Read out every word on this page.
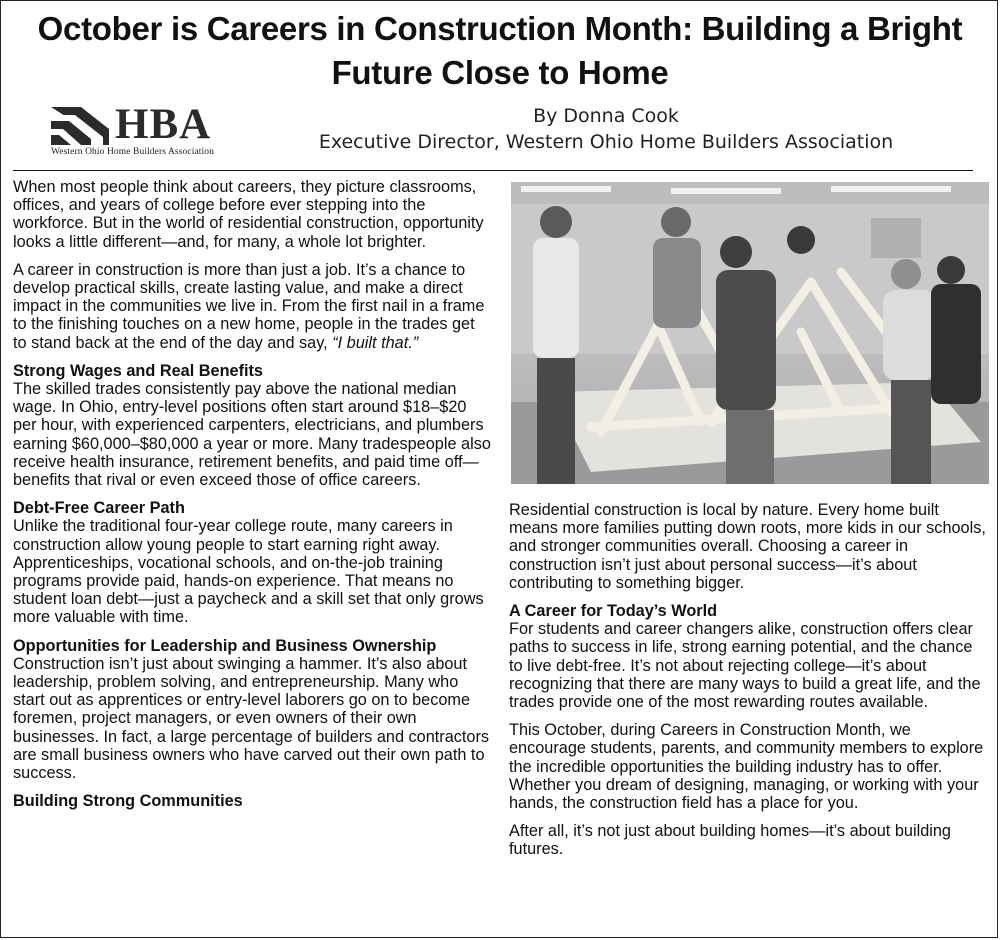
October is Careers in Construction Month: Building a Bright Future Close to Home
HBA
Western Ohio Home Builders Association
By Donna Cook
Executive Director, Western Ohio Home Builders Association

When most people think about careers, they picture classrooms, offices, and years of college before ever stepping into the workforce. But in the world of residential construction, opportunity looks a little different—and, for many, a whole lot brighter.

A career in construction is more than just a job. It’s a chance to develop practical skills, create lasting value, and make a direct impact in the communities we live in. From the first nail in a frame to the finishing touches on a new home, people in the trades get to stand back at the end of the day and say, “I built that.”

Strong Wages and Real Benefits

The skilled trades consistently pay above the national median wage. In Ohio, entry-level positions often start around $18–$20 per hour, with experienced carpenters, electricians, and plumbers earning $60,000–$80,000 a year or more. Many tradespeople also receive health insurance, retirement benefits, and paid time off—benefits that rival or even exceed those of office careers.

Debt-Free Career Path

Unlike the traditional four-year college route, many careers in construction allow young people to start earning right away. Apprenticeships, vocational schools, and on-the-job training programs provide paid, hands-on experience. That means no student loan debt—just a paycheck and a skill set that only grows more valuable with time.

Opportunities for Leadership and Business Ownership

Construction isn’t just about swinging a hammer. It’s also about leadership, problem solving, and entrepreneurship. Many who start out as apprentices or entry-level laborers go on to become foremen, project managers, or even owners of their own businesses. In fact, a large percentage of builders and contractors are small business owners who have carved out their own path to success.

Building Strong Communities

Residential construction is local by nature. Every home built means more families putting down roots, more kids in our schools, and stronger communities overall. Choosing a career in construction isn’t just about personal success—it’s about contributing to something bigger.

A Career for Today’s World

For students and career changers alike, construction offers clear paths to success in life, strong earning potential, and the chance to live debt-free. It’s not about rejecting college—it’s about recognizing that there are many ways to build a great life, and the trades provide one of the most rewarding routes available.

This October, during Careers in Construction Month, we encourage students, parents, and community members to explore the incredible opportunities the building industry has to offer. Whether you dream of designing, managing, or working with your hands, the construction field has a place for you.

After all, it’s not just about building homes—it’s about building futures.
